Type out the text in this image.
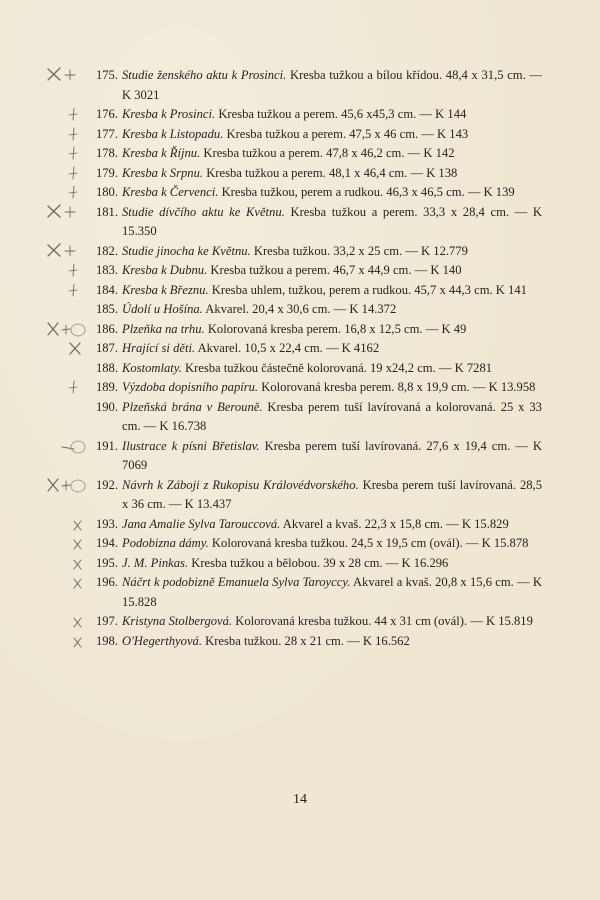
175. Studie ženského aktu k Prosinci. Kresba tužkou a bílou křídou. 48,4 x 31,5 cm. — K 3021
176. Kresba k Prosinci. Kresba tužkou a perem. 45,6 x45,3 cm. — K 144
177. Kresba k Listopadu. Kresba tužkou a perem. 47,5 x 46 cm. — K 143
178. Kresba k Říjnu. Kresba tužkou a perem. 47,8 x 46,2 cm. — K 142
179. Kresba k Srpnu. Kresba tužkou a perem. 48,1 x 46,4 cm. — K 138
180. Kresba k Červenci. Kresba tužkou, perem a rudkou. 46,3 x 46,5 cm. — K 139
181. Studie dívčího aktu ke Květnu. Kresba tužkou a perem. 33,3 x 28,4 cm. — K 15.350
182. Studie jinocha ke Květnu. Kresba tužkou. 33,2 x 25 cm. — K 12.779
183. Kresba k Dubnu. Kresba tužkou a perem. 46,7 x 44,9 cm. — K 140
184. Kresba k Březnu. Kresba uhlem, tužkou, perem a rudkou. 45,7 x 44,3 cm. K 141
185. Údolí u Hošína. Akvarel. 20,4 x 30,6 cm. — K 14.372
186. Plzeňka na trhu. Kolorovaná kresba perem. 16,8 x 12,5 cm. — K 49
187. Hrající si děti. Akvarel. 10,5 x 22,4 cm. — K 4162
188. Kostomlaty. Kresba tužkou částečně kolorovaná. 19 x24,2 cm. — K 7281
189. Výzdoba dopisního papíru. Kolorovaná kresba perem. 8,8 x 19,9 cm. — K 13.958
190. Plzeňská brána v Berouně. Kresba perem tuší lavírovaná a kolorovaná. 25 x 33 cm. — K 16.738
191. Ilustrace k písni Břetislav. Kresba perem tuší lavírovaná. 27,6 x 19,4 cm. — K 7069
192. Návrh k Záboji z Rukopisu Královédvorského. Kresba perem tuší lavírovaná. 28,5 x 36 cm. — K 13.437
193. Jana Amalie Sylva Tarouccová. Akvarel a kvaš. 22,3 x 15,8 cm. — K 15.829
194. Podobizna dámy. Kolorovaná kresba tužkou. 24,5 x 19,5 cm (ovál). — K 15.878
195. J. M. Pinkas. Kresba tužkou a bělobou. 39 x 28 cm. — K 16.296
196. Náčrt k podobizně Emanuela Sylva Taroуccy. Akvarel a kvaš. 20,8 x 15,6 cm. — K 15.828
197. Kristyna Stolbergová. Kolorovaná kresba tužkou. 44 x 31 cm (ovál). — K 15.819
198. O'Hegerthyová. Kresba tužkou. 28 x 21 cm. — K 16.562
14
